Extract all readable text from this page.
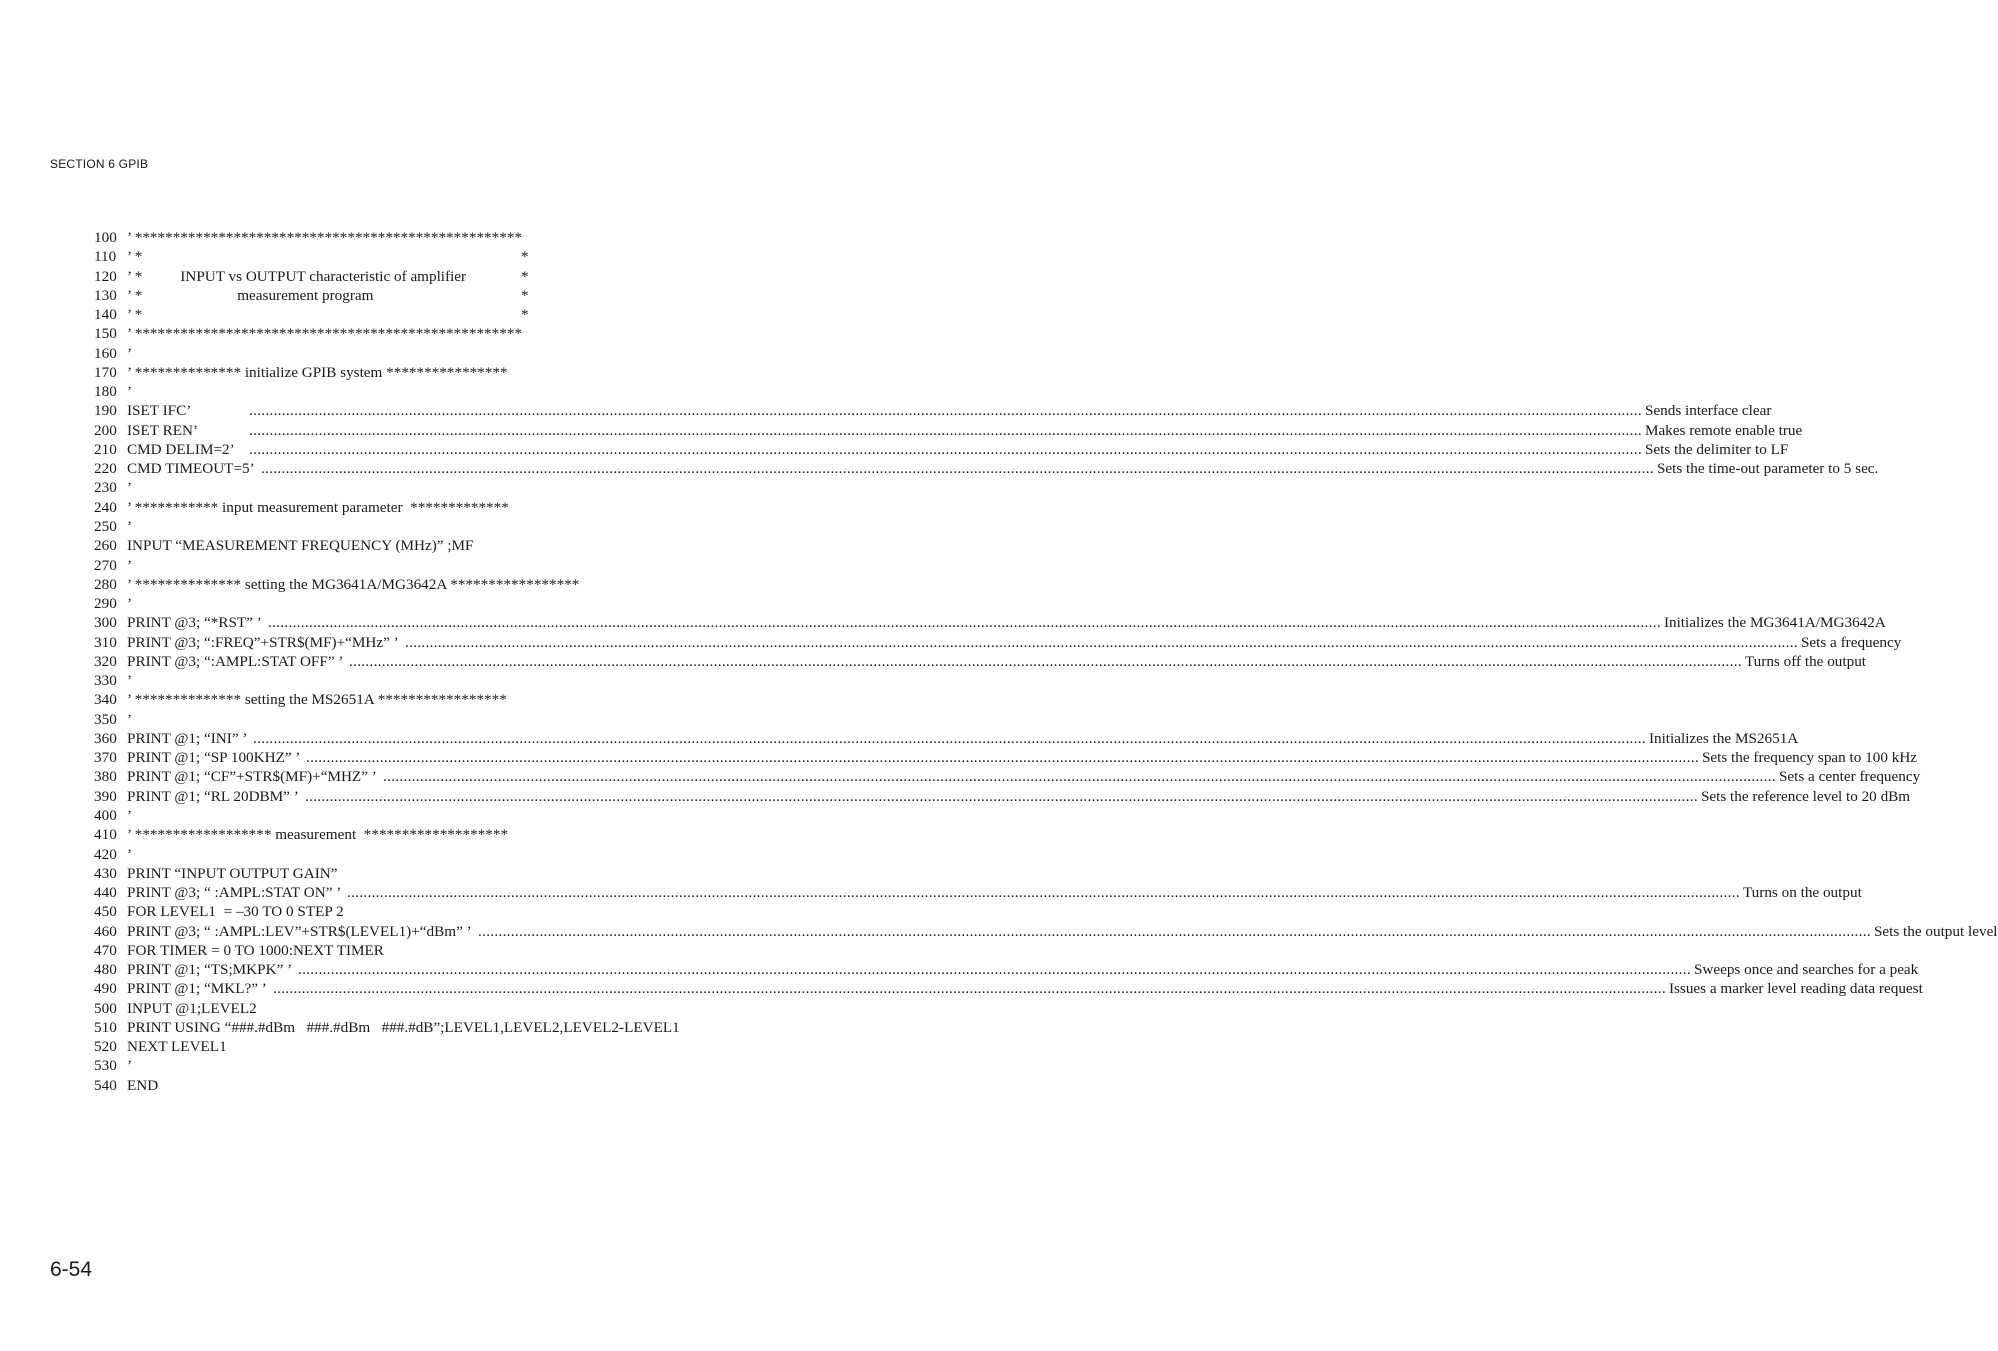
SECTION 6 GPIB
100 ’ ***************************************************
110 ’ *	*
120 ’ *          INPUT vs OUTPUT characteristic of amplifier	*
130 ’ *                         measurement program	*
140 ’ *	*
150 ’ ***************************************************
160 ’
170 ’ ************** initialize GPIB system ****************
180 ’
190 ISET IFC’	.................................................................................................................................................................................................................................................................................................................................................... Sends interface clear
200 ISET REN’	.................................................................................................................................................................................................................................................................................................................................................... Makes remote enable true
210 CMD DELIM=2’ .................................................................................................................................................................................................................................................................................................................................................... Sets the delimiter to LF
220 CMD TIMEOUT=5’ .................................................................................................................................................................................................................................................................................................................................................... Sets the time-out parameter to 5 sec.
230 ’
240 ’ *********** input measurement parameter  *************
250 ’
260 INPUT “MEASUREMENT FREQUENCY (MHz)” ;MF
270 ’
280 ’ ************** setting the MG3641A/MG3642A *****************
290 ’
300 PRINT @3; “*RST” ’ .................................................................................................................................................................................................................................................................................................................................................... Initializes the MG3641A/MG3642A
310 PRINT @3; “:FREQ”+STR$(MF)+“MHz” ’ .................................................................................................................................................................................................................................................................................................................................................... Sets a frequency
320 PRINT @3; “:AMPL:STAT OFF” ’ .................................................................................................................................................................................................................................................................................................................................................... Turns off the output
330 ’
340 ’ ************** setting the MS2651A *****************
350 ’
360 PRINT @1; “INI” ’ .................................................................................................................................................................................................................................................................................................................................................... Initializes the MS2651A
370 PRINT @1; “SP 100KHZ” ’ .................................................................................................................................................................................................................................................................................................................................................... Sets the frequency span to 100 kHz
380 PRINT @1; “CF”+STR$(MF)+“MHZ” ’ .................................................................................................................................................................................................................................................................................................................................................... Sets a center frequency
390 PRINT @1; “RL 20DBM” ’ .................................................................................................................................................................................................................................................................................................................................................... Sets the reference level to 20 dBm
400 ’
410 ’ ****************** measurement  *******************
420 ’
430 PRINT “INPUT OUTPUT GAIN”
440 PRINT @3; “ :AMPL:STAT ON” ’ .................................................................................................................................................................................................................................................................................................................................................... Turns on the output
450 FOR LEVEL1  = –30 TO 0 STEP 2
460 PRINT @3; “ :AMPL:LEV”+STR$(LEVEL1)+“dBm” ’ .................................................................................................................................................................................................................................................................................................................................................... Sets the output level
470 FOR TIMER = 0 TO 1000:NEXT TIMER
480 PRINT @1; “TS;MKPK” ’ .................................................................................................................................................................................................................................................................................................................................................... Sweeps once and searches for a peak
490 PRINT @1; “MKL?” ’ .................................................................................................................................................................................................................................................................................................................................................... Issues a marker level reading data request
500 INPUT @1;LEVEL2
510 PRINT USING “###.#dBm   ###.#dBm   ###.#dB”;LEVEL1,LEVEL2,LEVEL2-LEVEL1
520 NEXT LEVEL1
530 ’
540 END
6-54
